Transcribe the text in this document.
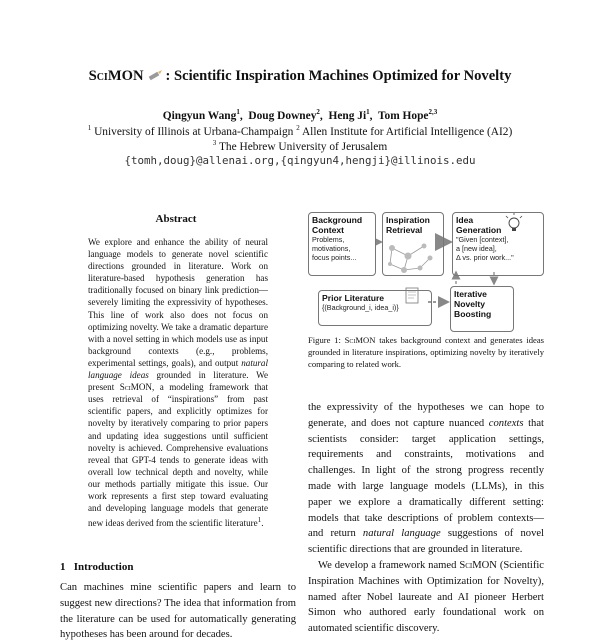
SciMON : Scientific Inspiration Machines Optimized for Novelty
Qingyun Wang$^1$,  Doug Downey$^2$,  Heng Ji$^1$,  Tom Hope$^{2,3}$
$^1$ University of Illinois at Urbana-Champaign $^2$ Allen Institute for Artificial Intelligence (AI2)
$^3$ The Hebrew University of Jerusalem
{tomh,doug}@allenai.org,{qingyun4,hengji}@illinois.edu
Abstract
We explore and enhance the ability of neural language models to generate novel scientific directions grounded in literature. Work on literature-based hypothesis generation has traditionally focused on binary link prediction—severely limiting the expressivity of hypotheses. This line of work also does not focus on optimizing novelty. We take a dramatic departure with a novel setting in which models use as input background contexts (e.g., problems, experimental settings, goals), and output natural language ideas grounded in literature. We present SciMON, a modeling framework that uses retrieval of “inspirations” from past scientific papers, and explicitly optimizes for novelty by iteratively comparing to prior papers and updating idea suggestions until sufficient novelty is achieved. Comprehensive evaluations reveal that GPT-4 tends to generate ideas with overall low technical depth and novelty, while our methods partially mitigate this issue. Our work represents a first step toward evaluating and developing language models that generate new ideas derived from the scientific literature$^1$.
1 Introduction
Can machines mine scientific papers and learn to suggest new directions? The idea that information from the literature can be used for automatically generating hypotheses has been around for decades.
Background
Context
Problems,
motivations,
focus points...
Inspiration
Retrieval
Idea
Generation
"Given [context],
a [new idea],
Δ vs. prior work..."
Prior Literature
{(Background_i, idea_i)}
Iterative
Novelty
Boosting
Figure 1: SciMON takes background context and generates ideas grounded in literature inspirations, optimizing novelty by iteratively comparing to related work.

the expressivity of the hypotheses we can hope to generate, and does not capture nuanced contexts that scientists consider: target application settings, requirements and constraints, motivations and challenges. In light of the strong progress recently made with large language models (LLMs), in this paper we explore a dramatically different setting: models that take descriptions of problem contexts—and return natural language suggestions of novel scientific directions that are grounded in literature.

We develop a framework named SciMON (Scientific Inspiration Machines with Optimization for Novelty), named after Nobel laureate and AI pioneer Herbert Simon who authored early foundational work on automated scientific discovery.
